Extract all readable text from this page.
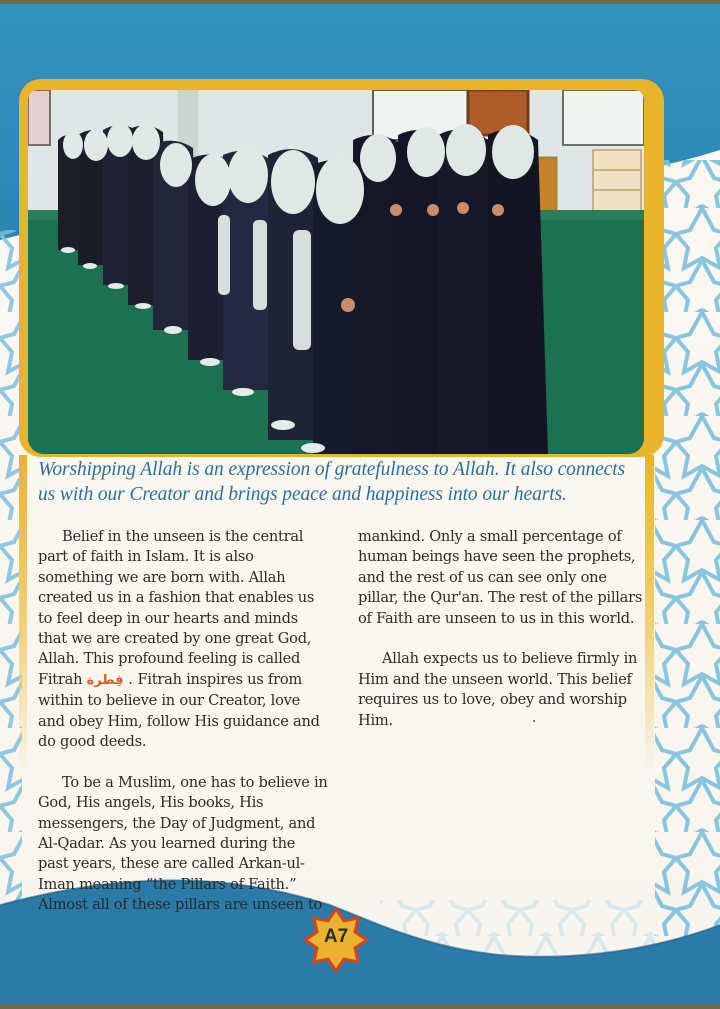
Worshipping Allah is an expression of gratefulness to Allah. It also connects us with our Creator and brings peace and happiness into our hearts.

Belief in the unseen is the central part of faith in Islam. It is also something we are born with. Allah created us in a fashion that enables us to feel deep in our hearts and minds that we are created by one great God, Allah. This profound feeling is called Fitrah فِطرة . Fitrah inspires us from within to believe in our Creator, love and obey Him, follow His guidance and do good deeds.

To be a Muslim, one has to believe in God, His angels, His books, His messengers, the Day of Judgment, and Al-Qadar. As you learned during the past years, these are called Arkan-ul-Iman meaning “the Pillars of Faith.” Almost all of these pillars are unseen to

mankind. Only a small percentage of human beings have seen the prophets, and the rest of us can see only one pillar, the Qur'an. The rest of the pillars of Faith are unseen to us in this world.

Allah expects us to believe firmly in Him and the unseen world. This belief requires us to love, obey and worship Him.

A7
